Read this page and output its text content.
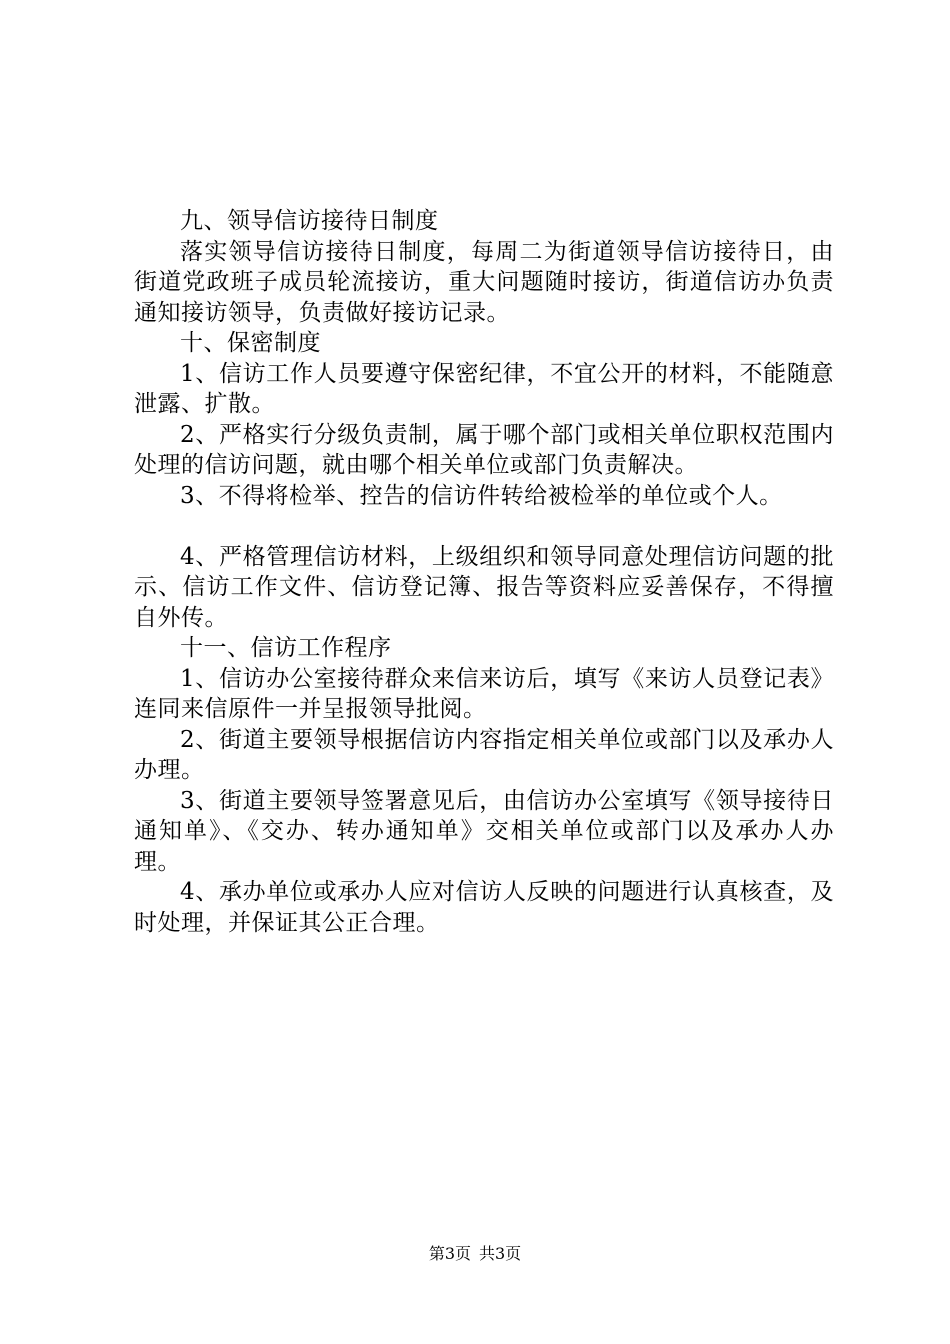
九、领导信访接待日制度

落实领导信访接待日制度，每周二为街道领导信访接待日，由街道党政班子成员轮流接访，重大问题随时接访，街道信访办负责通知接访领导，负责做好接访记录。

十、保密制度

1、信访工作人员要遵守保密纪律，不宜公开的材料，不能随意泄露、扩散。

2、严格实行分级负责制，属于哪个部门或相关单位职权范围内处理的信访问题，就由哪个相关单位或部门负责解决。

3、不得将检举、控告的信访件转给被检举的单位或个人。

4、严格管理信访材料，上级组织和领导同意处理信访问题的批示、信访工作文件、信访登记簿、报告等资料应妥善保存，不得擅自外传。

十一、信访工作程序

1、信访办公室接待群众来信来访后，填写《来访人员登记表》连同来信原件一并呈报领导批阅。

2、街道主要领导根据信访内容指定相关单位或部门以及承办人办理。

3、街道主要领导签署意见后，由信访办公室填写《领导接待日通知单》、《交办、转办通知单》交相关单位或部门以及承办人办理。

4、承办单位或承办人应对信访人反映的问题进行认真核查，及时处理，并保证其公正合理。

第3页 共3页
